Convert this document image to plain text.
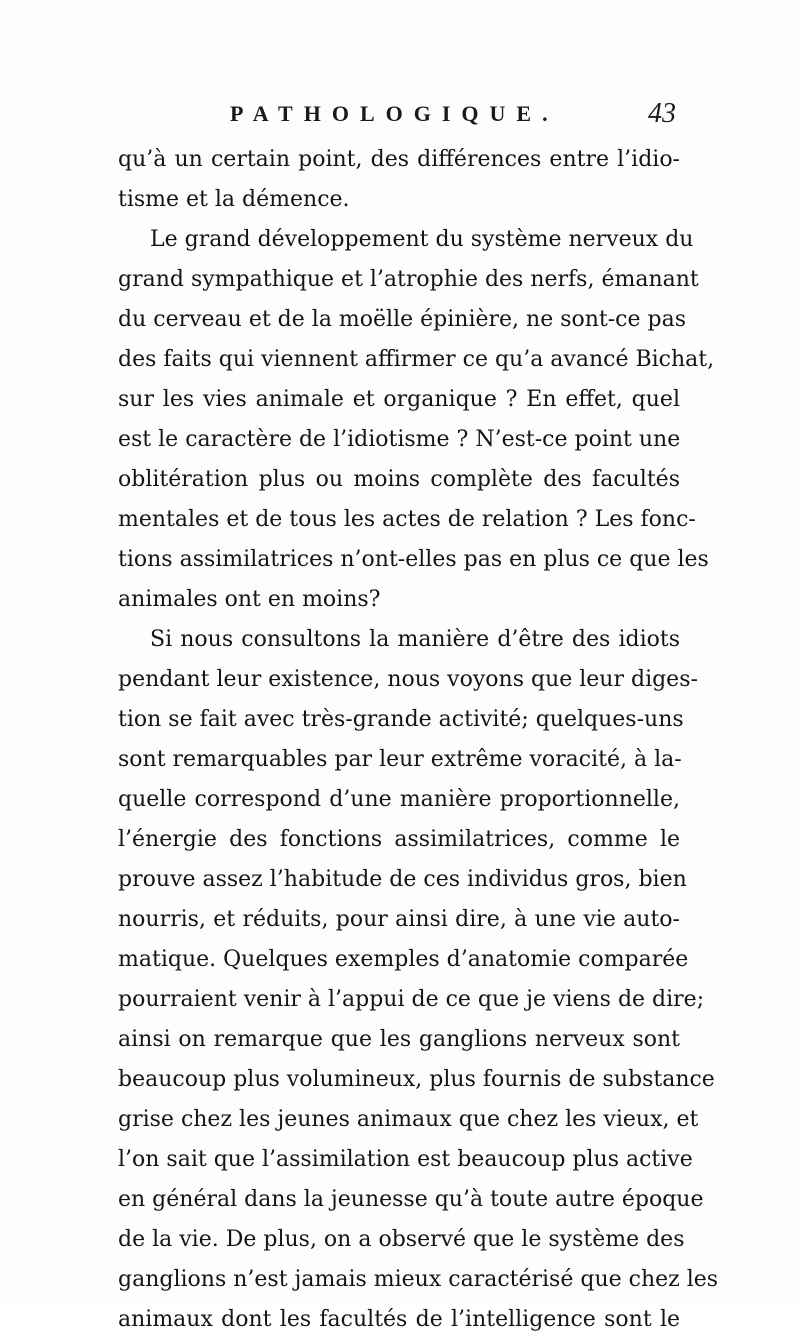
PATHOLOGIQUE.	43
qu’à un certain point, des différences entre l’idio-
tisme et la démence.
Le grand développement du système nerveux du
grand sympathique et l’atrophie des nerfs, émanant
du cerveau et de la moëlle épinière, ne sont-ce pas
des faits qui viennent affirmer ce qu’a avancé Bichat,
sur les vies animale et organique ? En effet, quel
est le caractère de l’idiotisme ? N’est-ce point une
oblitération plus ou moins complète des facultés
mentales et de tous les actes de relation ? Les fonc-
tions assimilatrices n’ont-elles pas en plus ce que les
animales ont en moins?
Si nous consultons la manière d’être des idiots
pendant leur existence, nous voyons que leur diges-
tion se fait avec très-grande activité; quelques-uns
sont remarquables par leur extrême voracité, à la-
quelle correspond d’une manière proportionnelle,
l’énergie des fonctions assimilatrices, comme le
prouve assez l’habitude de ces individus gros, bien
nourris, et réduits, pour ainsi dire, à une vie auto-
matique. Quelques exemples d’anatomie comparée
pourraient venir à l’appui de ce que je viens de dire;
ainsi on remarque que les ganglions nerveux sont
beaucoup plus volumineux, plus fournis de substance
grise chez les jeunes animaux que chez les vieux, et
l’on sait que l’assimilation est beaucoup plus active
en général dans la jeunesse qu’à toute autre époque
de la vie. De plus, on a observé que le système des
ganglions n’est jamais mieux caractérisé que chez les
animaux dont les facultés de l’intelligence sont le
